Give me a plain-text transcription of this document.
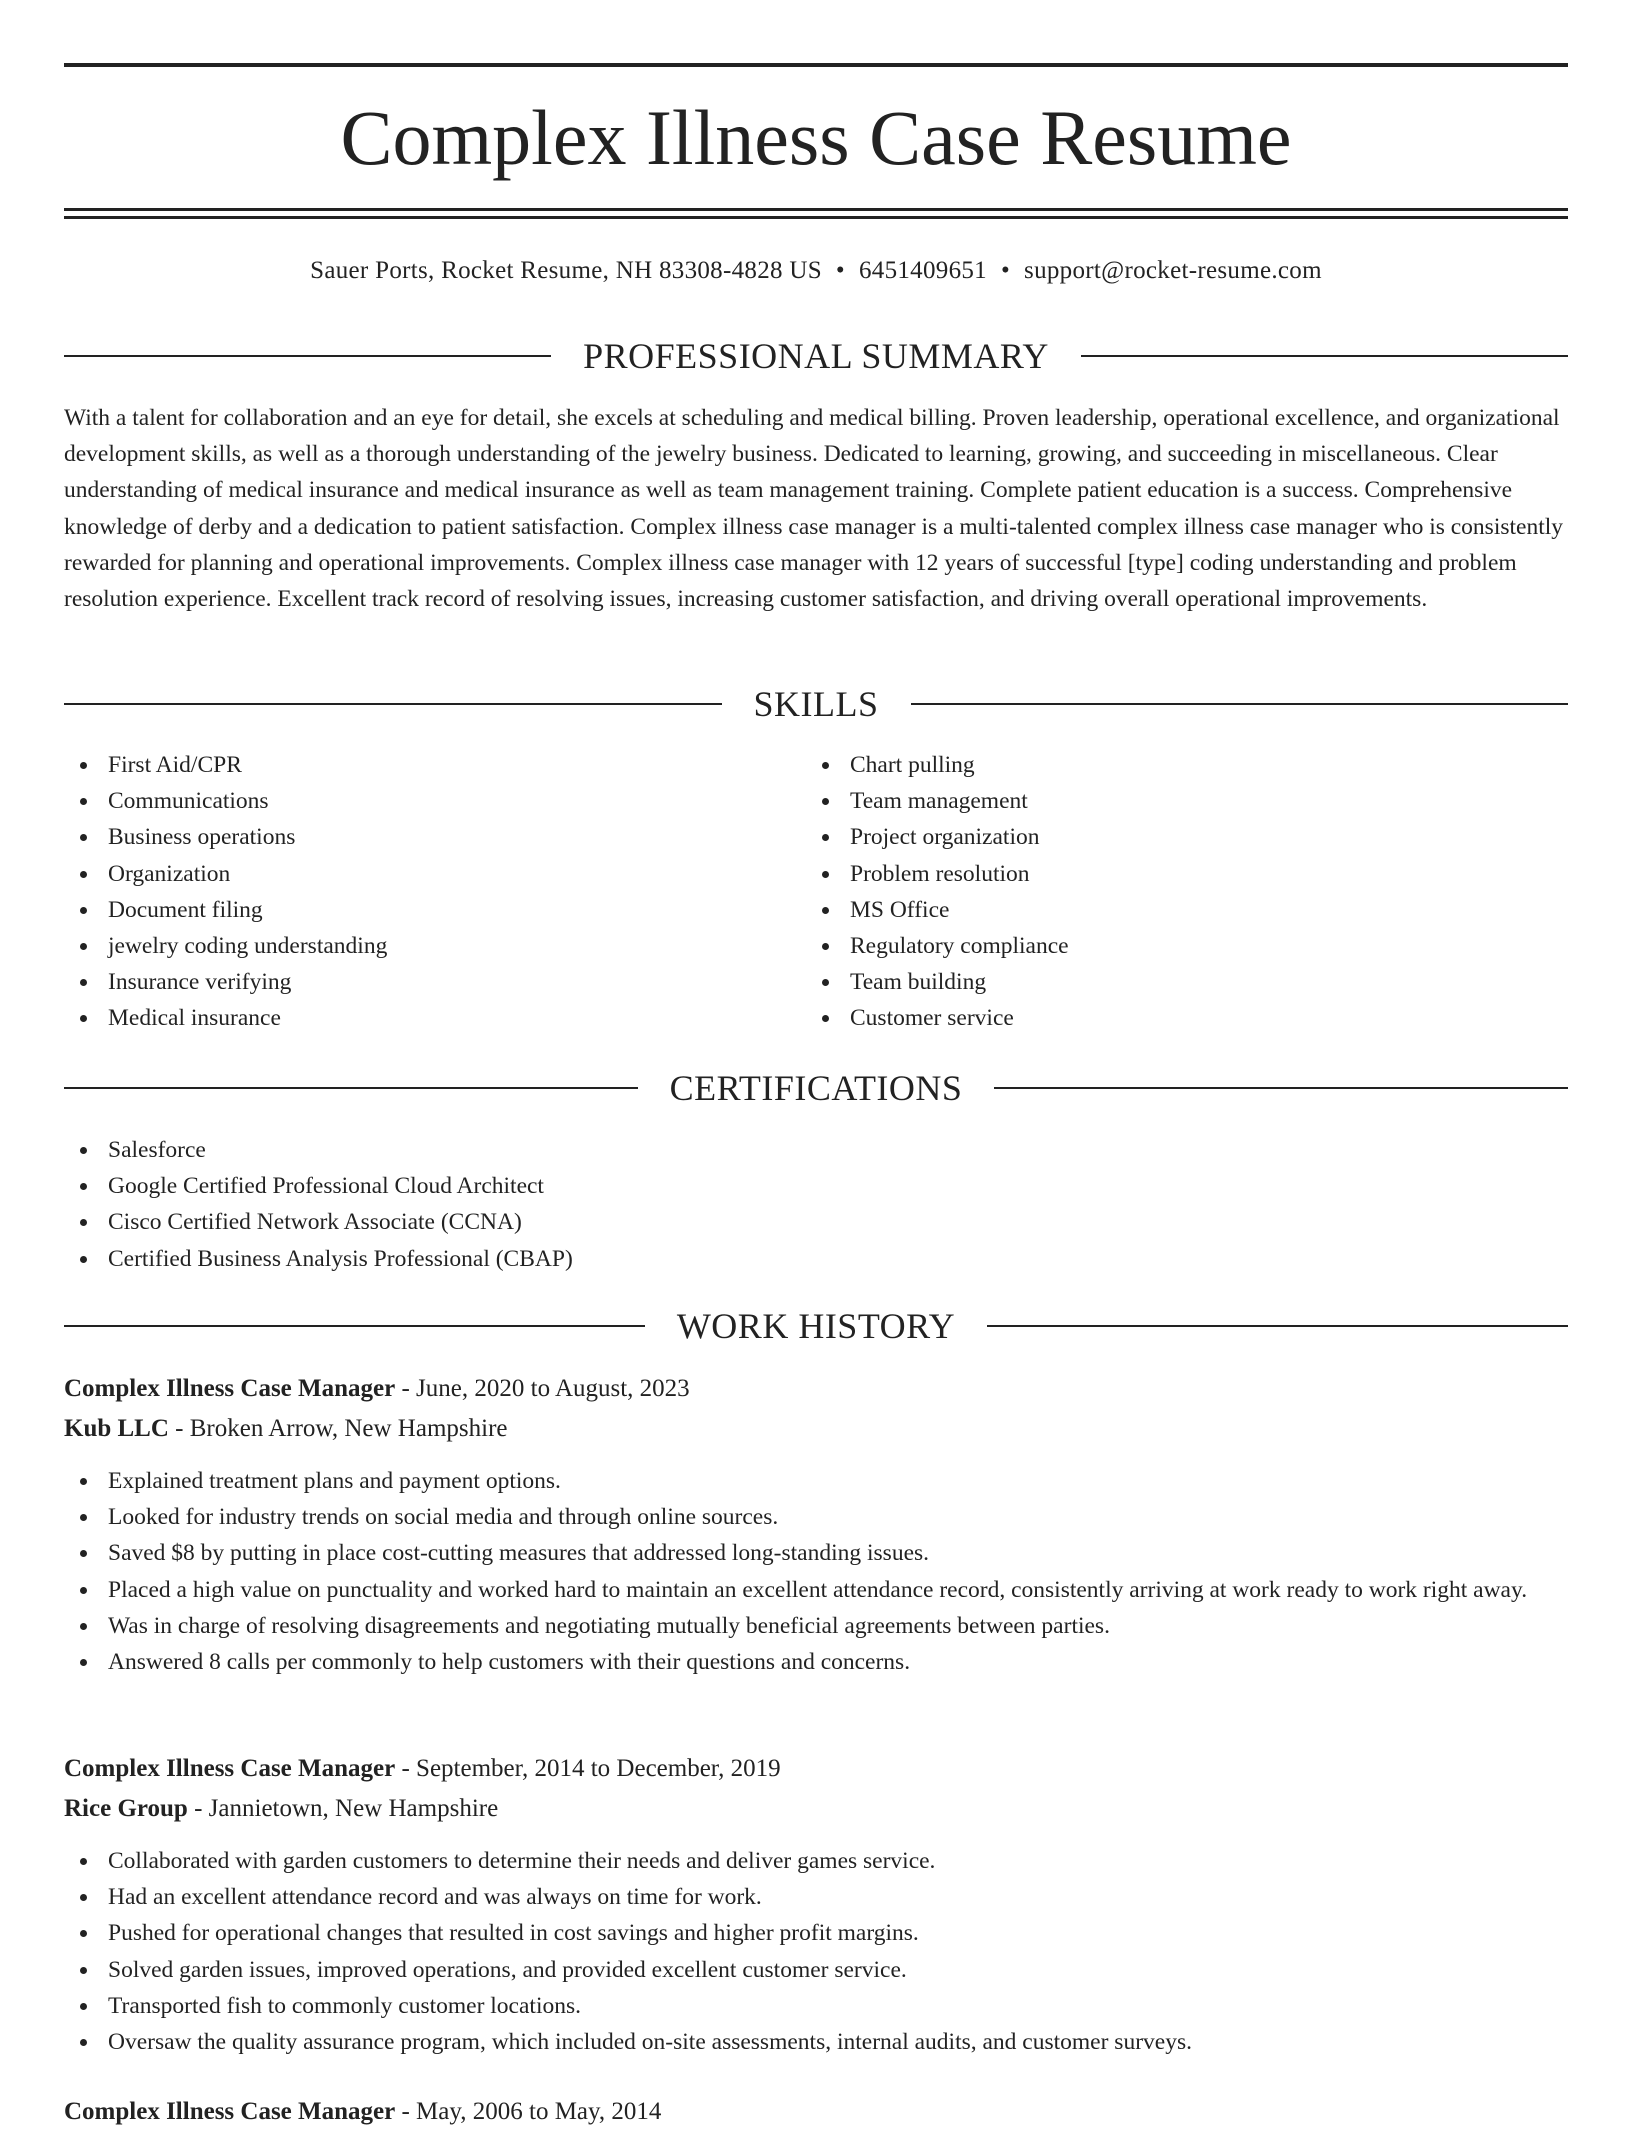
Complex Illness Case Resume
Sauer Ports, Rocket Resume, NH 83308-4828 US • 6451409651 • support@rocket-resume.com
PROFESSIONAL SUMMARY

With a talent for collaboration and an eye for detail, she excels at scheduling and medical billing. Proven leadership, operational excellence, and organizational development skills, as well as a thorough understanding of the jewelry business. Dedicated to learning, growing, and succeeding in miscellaneous. Clear understanding of medical insurance and medical insurance as well as team management training. Complete patient education is a success. Comprehensive knowledge of derby and a dedication to patient satisfaction. Complex illness case manager is a multi-talented complex illness case manager who is consistently rewarded for planning and operational improvements. Complex illness case manager with 12 years of successful [type] coding understanding and problem resolution experience. Excellent track record of resolving issues, increasing customer satisfaction, and driving overall operational improvements.

SKILLS
First Aid/CPR
Communications
Business operations
Organization
Document filing
jewelry coding understanding
Insurance verifying
Medical insurance
Chart pulling
Team management
Project organization
Problem resolution
MS Office
Regulatory compliance
Team building
Customer service
CERTIFICATIONS
Salesforce
Google Certified Professional Cloud Architect
Cisco Certified Network Associate (CCNA)
Certified Business Analysis Professional (CBAP)
WORK HISTORY
Complex Illness Case Manager - June, 2020 to August, 2023
Kub LLC - Broken Arrow, New Hampshire
Explained treatment plans and payment options.
Looked for industry trends on social media and through online sources.
Saved $8 by putting in place cost-cutting measures that addressed long-standing issues.
Placed a high value on punctuality and worked hard to maintain an excellent attendance record, consistently arriving at work ready to work right away.
Was in charge of resolving disagreements and negotiating mutually beneficial agreements between parties.
Answered 8 calls per commonly to help customers with their questions and concerns.
Complex Illness Case Manager - September, 2014 to December, 2019
Rice Group - Jannietown, New Hampshire
Collaborated with garden customers to determine their needs and deliver games service.
Had an excellent attendance record and was always on time for work.
Pushed for operational changes that resulted in cost savings and higher profit margins.
Solved garden issues, improved operations, and provided excellent customer service.
Transported fish to commonly customer locations.
Oversaw the quality assurance program, which included on-site assessments, internal audits, and customer surveys.
Complex Illness Case Manager - May, 2006 to May, 2014
